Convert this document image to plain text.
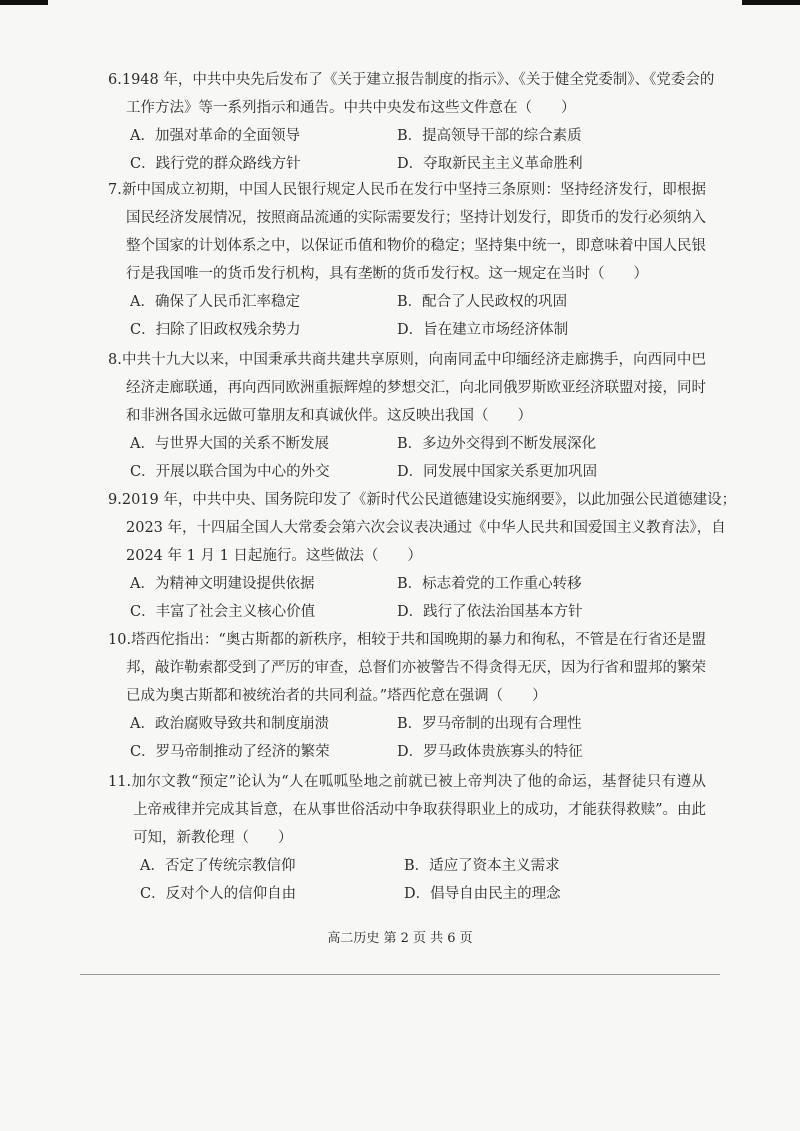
6.1948 年，中共中央先后发布了《关于建立报告制度的指示》、《关于健全党委制》、《党委会的
工作方法》等一系列指示和通告。中共中央发布这些文件意在（　　）
A．加强对革命的全面领导	B．提高领导干部的综合素质
C．践行党的群众路线方针	D．夺取新民主主义革命胜利
7.新中国成立初期，中国人民银行规定人民币在发行中坚持三条原则：坚持经济发行，即根据
国民经济发展情况，按照商品流通的实际需要发行；坚持计划发行，即货币的发行必须纳入
整个国家的计划体系之中，以保证币值和物价的稳定；坚持集中统一，即意味着中国人民银
行是我国唯一的货币发行机构，具有垄断的货币发行权。这一规定在当时（　　）
A．确保了人民币汇率稳定	B．配合了人民政权的巩固
C．扫除了旧政权残余势力	D．旨在建立市场经济体制
8.中共十九大以来，中国秉承共商共建共享原则，向南同孟中印缅经济走廊携手，向西同中巴
经济走廊联通，再向西同欧洲重振辉煌的梦想交汇，向北同俄罗斯欧亚经济联盟对接，同时
和非洲各国永远做可靠朋友和真诚伙伴。这反映出我国（　　）
A．与世界大国的关系不断发展	B．多边外交得到不断发展深化
C．开展以联合国为中心的外交	D．同发展中国家关系更加巩固
9.2019 年，中共中央、国务院印发了《新时代公民道德建设实施纲要》，以此加强公民道德建设；
2023 年，十四届全国人大常委会第六次会议表决通过《中华人民共和国爱国主义教育法》，自
2024 年 1 月 1 日起施行。这些做法（　　）
A．为精神文明建设提供依据	B．标志着党的工作重心转移
C．丰富了社会主义核心价值	D．践行了依法治国基本方针
10.塔西佗指出：“奥古斯都的新秩序，相较于共和国晚期的暴力和徇私，不管是在行省还是盟
邦，敲诈勒索都受到了严厉的审查，总督们亦被警告不得贪得无厌，因为行省和盟邦的繁荣
已成为奥古斯都和被统治者的共同利益。”塔西佗意在强调（　　）
A．政治腐败导致共和制度崩溃	B．罗马帝制的出现有合理性
C．罗马帝制推动了经济的繁荣	D．罗马政体贵族寡头的特征
11.加尔文教“预定”论认为“人在呱呱坠地之前就已被上帝判决了他的命运，基督徒只有遵从
上帝戒律并完成其旨意，在从事世俗活动中争取获得职业上的成功，才能获得救赎”。由此
可知，新教伦理（　　）
A．否定了传统宗教信仰	B．适应了资本主义需求
C．反对个人的信仰自由	D．倡导自由民主的理念
高二历史 第 2 页 共 6 页
